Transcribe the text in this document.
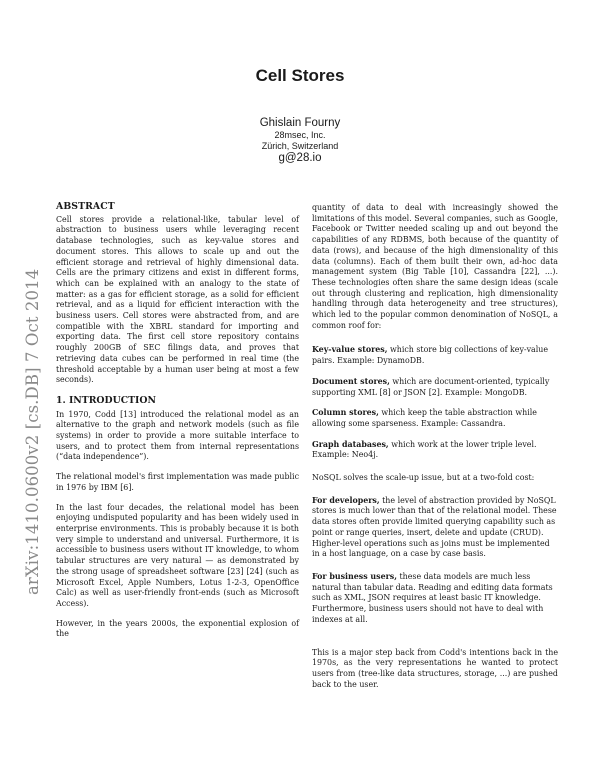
arXiv:1410.0600v2 [cs.DB] 7 Oct 2014
Cell Stores
Ghislain Fourny
28msec, Inc.
Zürich, Switzerland
g@28.io
ABSTRACT

Cell stores provide a relational-like, tabular level of abstraction to business users while leveraging recent database technologies, such as key-value stores and document stores. This allows to scale up and out the efficient storage and retrieval of highly dimensional data. Cells are the primary citizens and exist in different forms, which can be explained with an analogy to the state of matter: as a gas for efficient storage, as a solid for efficient retrieval, and as a liquid for efficient interaction with the business users. Cell stores were abstracted from, and are compatible with the XBRL standard for importing and exporting data. The first cell store repository contains roughly 200GB of SEC filings data, and proves that retrieving data cubes can be performed in real time (the threshold acceptable by a human user being at most a few seconds).

1. INTRODUCTION

In 1970, Codd [13] introduced the relational model as an alternative to the graph and network models (such as file systems) in order to provide a more suitable interface to users, and to protect them from internal representations (“data independence”).

The relational model's first implementation was made public in 1976 by IBM [6].

In the last four decades, the relational model has been enjoying undisputed popularity and has been widely used in enterprise environments. This is probably because it is both very simple to understand and universal. Furthermore, it is accessible to business users without IT knowledge, to whom tabular structures are very natural — as demonstrated by the strong usage of spreadsheet software [23] [24] (such as Microsoft Excel, Apple Numbers, Lotus 1-2-3, OpenOffice Calc) as well as user-friendly front-ends (such as Microsoft Access).

However, in the years 2000s, the exponential explosion of the

quantity of data to deal with increasingly showed the limitations of this model. Several companies, such as Google, Facebook or Twitter needed scaling up and out beyond the capabilities of any RDBMS, both because of the quantity of data (rows), and because of the high dimensionality of this data (columns). Each of them built their own, ad-hoc data management system (Big Table [10], Cassandra [22], ...). These technologies often share the same design ideas (scale out through clustering and replication, high dimensionality handling through data heterogeneity and tree structures), which led to the popular common denomination of NoSQL, a common roof for:

Key-value stores, which store big collections of key-value pairs. Example: DynamoDB.
Document stores, which are document-oriented, typically supporting XML [8] or JSON [2]. Example: MongoDB.
Column stores, which keep the table abstraction while allowing some sparseness. Example: Cassandra.
Graph databases, which work at the lower triple level. Example: Neo4j.

NoSQL solves the scale-up issue, but at a two-fold cost:

For developers, the level of abstraction provided by NoSQL stores is much lower than that of the relational model. These data stores often provide limited querying capability such as point or range queries, insert, delete and update (CRUD). Higher-level operations such as joins must be implemented in a host language, on a case by case basis.
For business users, these data models are much less natural than tabular data. Reading and editing data formats such as XML, JSON requires at least basic IT knowledge. Furthermore, business users should not have to deal with indexes at all.

This is a major step back from Codd's intentions back in the 1970s, as the very representations he wanted to protect users from (tree-like data structures, storage, ...) are pushed back to the user.
